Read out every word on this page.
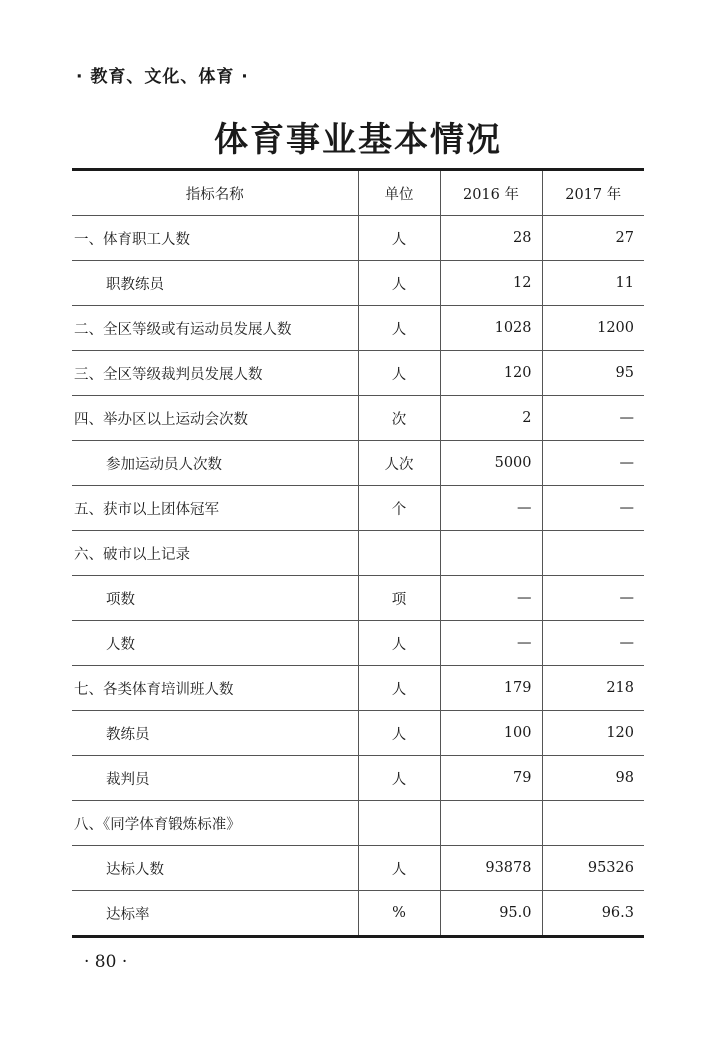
· 教育、文化、体育 ·
体育事业基本情况
指标名称	单位	2016 年	2017 年
一、体育职工人数	人	28	27
职教练员	人	12	11
二、全区等级或有运动员发展人数	人	1028	1200
三、全区等级裁判员发展人数	人	120	95
四、举办区以上运动会次数	次	2	—
参加运动员人次数	人次	5000	—
五、获市以上团体冠军	个	—	—
六、破市以上记录			
项数	项	—	—
人数	人	—	—
七、各类体育培训班人数	人	179	218
教练员	人	100	120
裁判员	人	79	98
八、《同学体育锻炼标准》			
达标人数	人	93878	95326
达标率	%	95.0	96.3
· 80 ·
